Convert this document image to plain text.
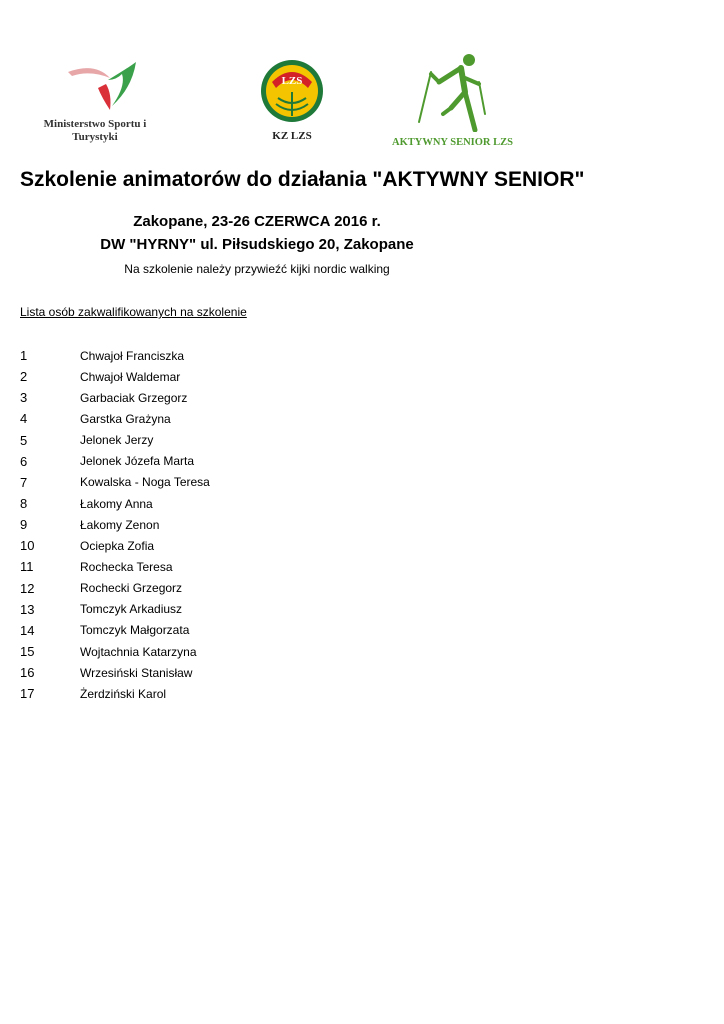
Ministerstwo Sportu i Turystyki
LZS
KZ LZS
AKTYWNY SENIOR LZS
Szkolenie animatorów do działania "AKTYWNY SENIOR"
Zakopane, 23-26 CZERWCA 2016 r.
DW "HYRNY" ul. Piłsudskiego 20, Zakopane
Na szkolenie należy przywieźć kijki nordic walking
Lista osób zakwalifikowanych na szkolenie
1	Chwajoł Franciszka
2	Chwajoł Waldemar
3	Garbaciak Grzegorz
4	Garstka Grażyna
5	Jelonek Jerzy
6	Jelonek Józefa Marta
7	Kowalska - Noga Teresa
8	Łakomy Anna
9	Łakomy Zenon
10	Ociepka Zofia
11	Rochecka Teresa
12	Rochecki Grzegorz
13	Tomczyk Arkadiusz
14	Tomczyk Małgorzata
15	Wojtachnia Katarzyna
16	Wrzesiński Stanisław
17	Żerdziński Karol
